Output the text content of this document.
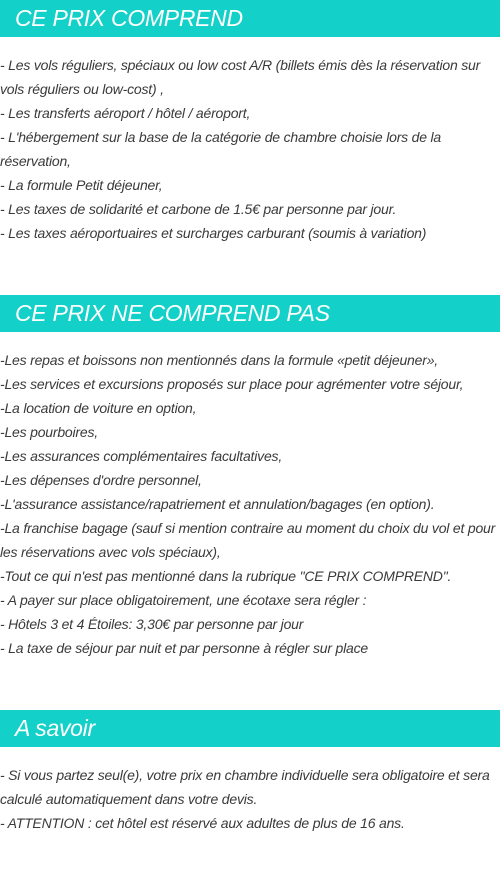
CE PRIX COMPREND
- Les vols réguliers, spéciaux ou low cost A/R (billets émis dès la réservation sur vols réguliers ou low-cost) ,
- Les transferts aéroport / hôtel / aéroport,
- L'hébergement sur la base de la catégorie de chambre choisie lors de la réservation,
- La formule Petit déjeuner,
- Les taxes de solidarité et carbone de 1.5€ par personne par jour.
- Les taxes aéroportuaires et surcharges carburant (soumis à variation)
CE PRIX NE COMPREND PAS
-Les repas et boissons non mentionnés dans la formule «petit déjeuner»,
-Les services et excursions proposés sur place pour agrémenter votre séjour,
-La location de voiture en option,
-Les pourboires,
-Les assurances complémentaires facultatives,
-Les dépenses d'ordre personnel,
-L'assurance assistance/rapatriement et annulation/bagages (en option).
-La franchise bagage (sauf si mention contraire au moment du choix du vol et pour les réservations avec vols spéciaux),
-Tout ce qui n'est pas mentionné dans la rubrique "CE PRIX COMPREND".
- A payer sur place obligatoirement, une écotaxe sera régler :
- Hôtels 3 et 4 Étoiles: 3,30€ par personne par jour
- La taxe de séjour par nuit et par personne à régler sur place
A savoir
- Si vous partez seul(e), votre prix en chambre individuelle sera obligatoire et sera calculé automatiquement dans votre devis.
- ATTENTION : cet hôtel est réservé aux adultes de plus de 16 ans.
